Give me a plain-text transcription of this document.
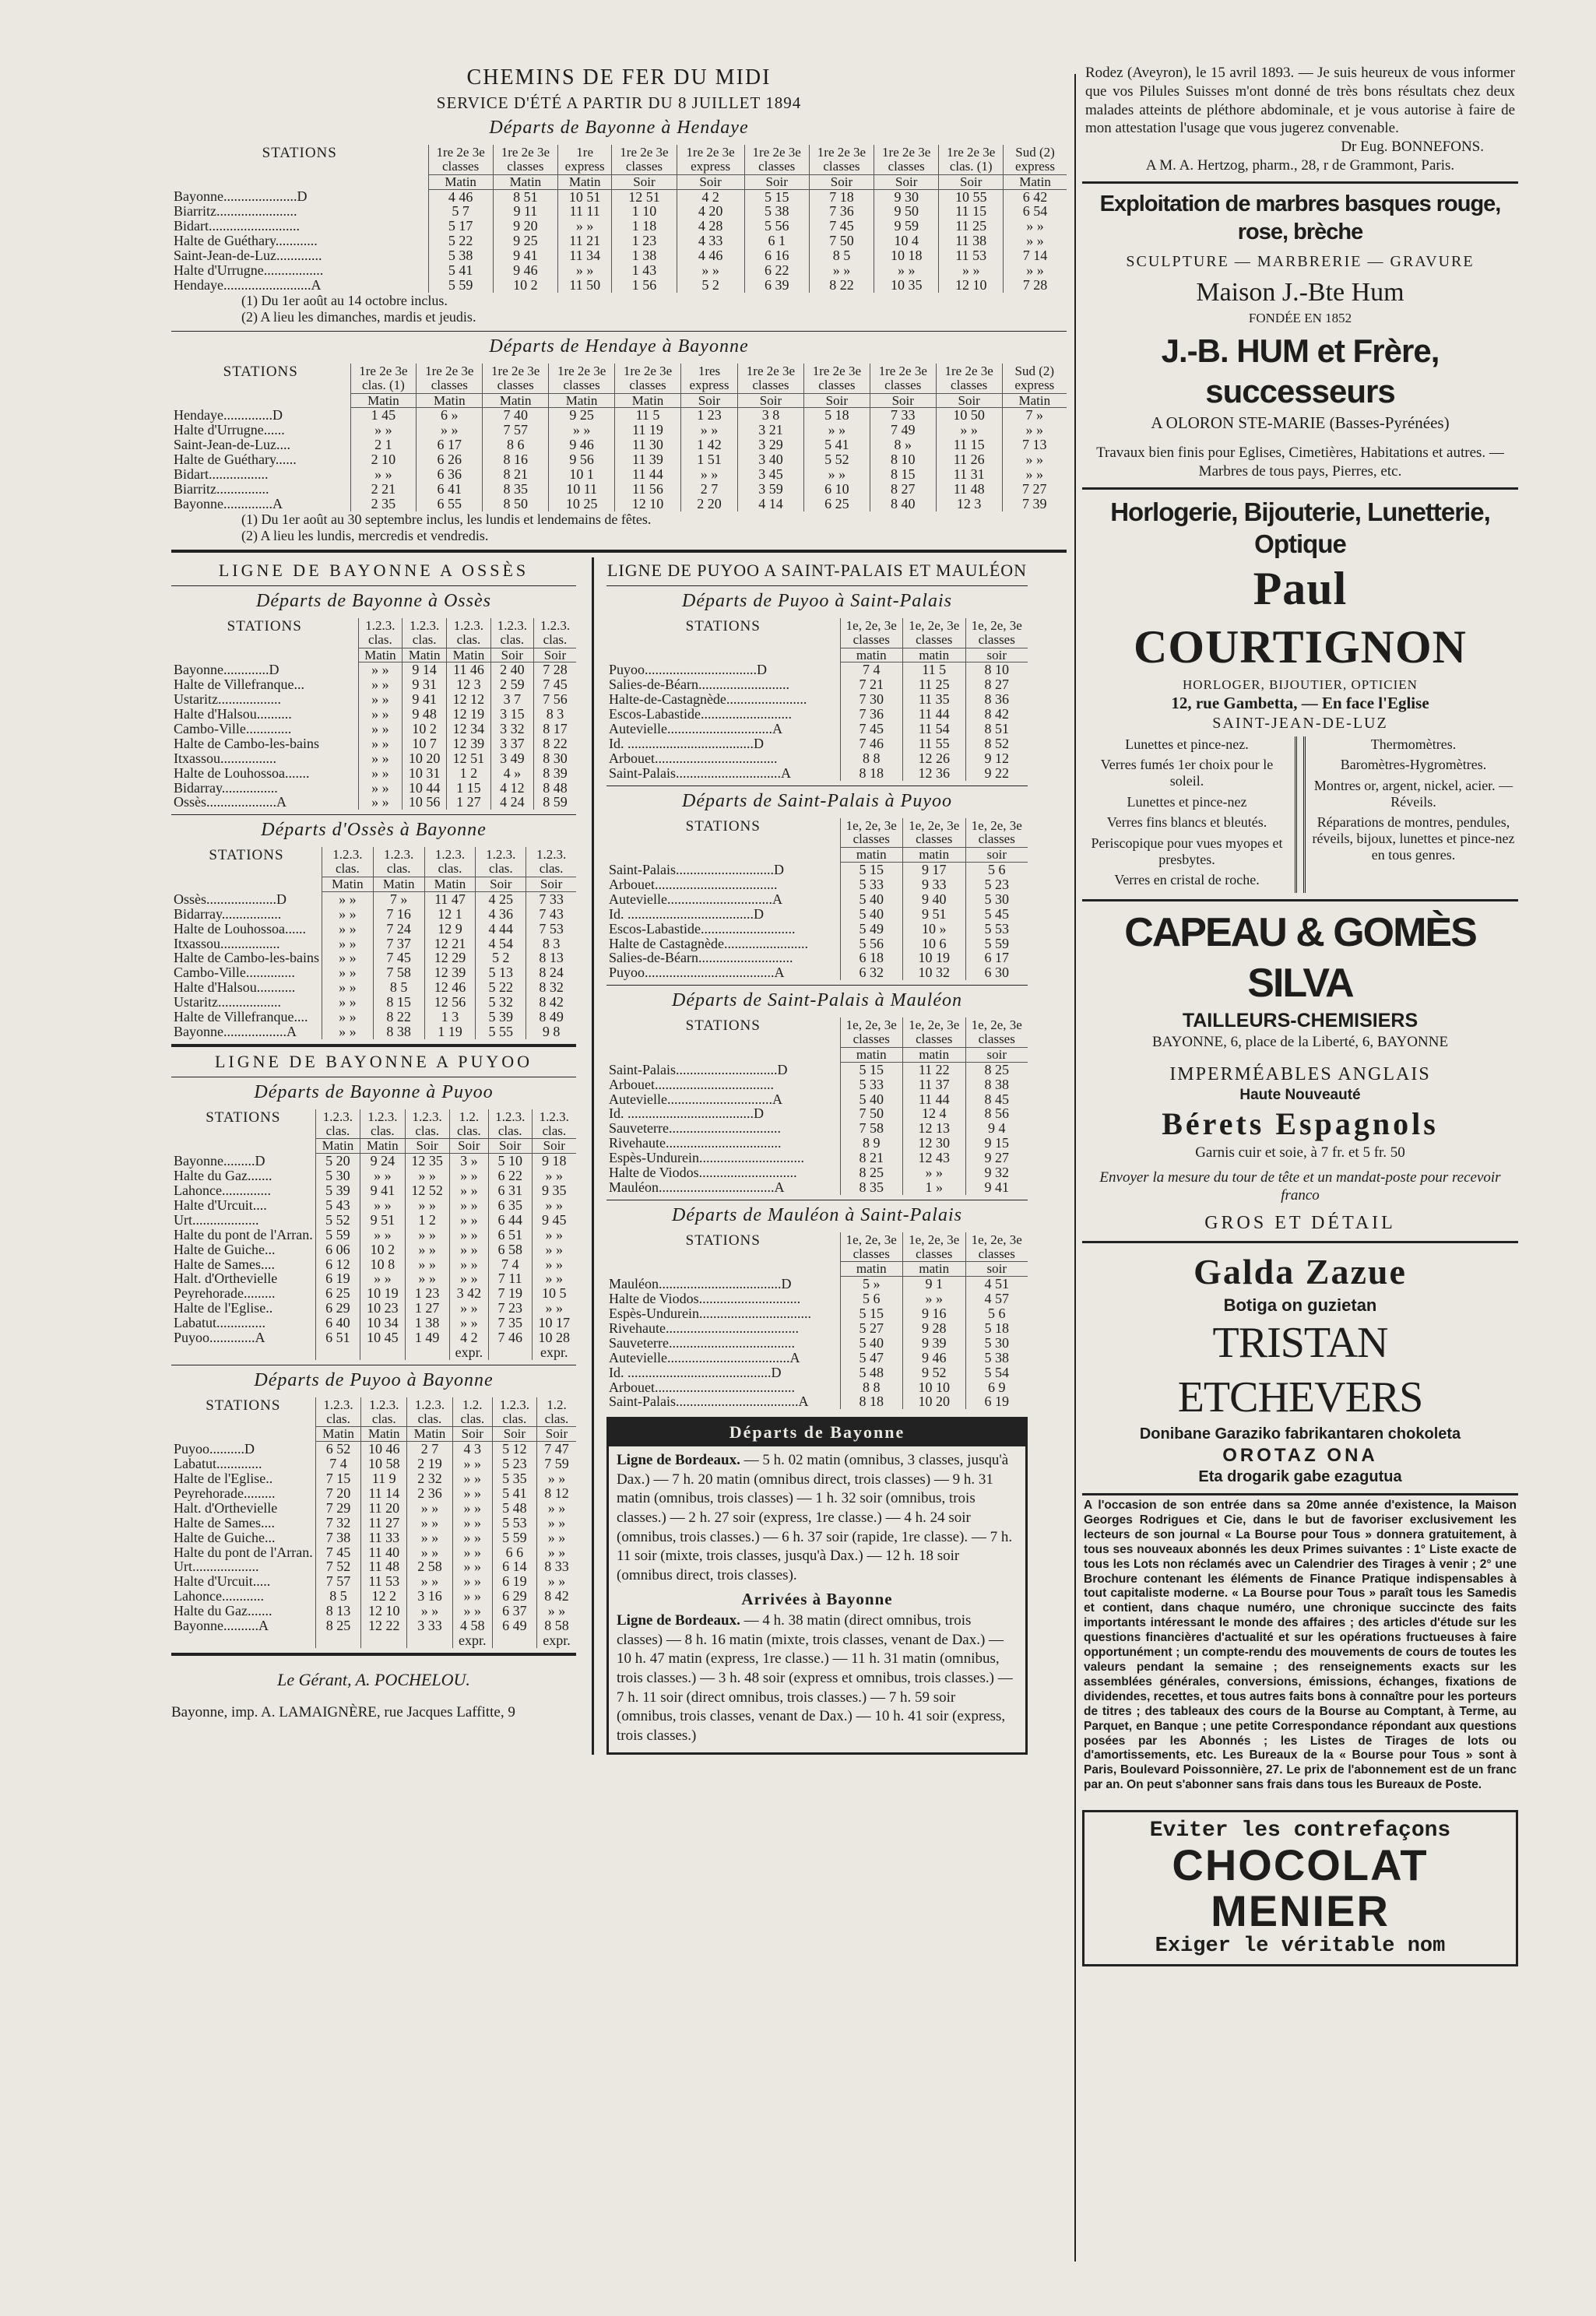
CHEMINS DE FER DU MIDI
SERVICE D'ÉTÉ A PARTIR DU 8 JUILLET 1894
Départs de Bayonne à Hendaye
STATIONS	1re 2e 3e classes	1re 2e 3e classes	1re express	1re 2e 3e classes	1re 2e 3e express	1re 2e 3e classes	1re 2e 3e classes	1re 2e 3e classes	1re 2e 3e clas. (1)	Sud (2) express
	Matin	Matin	Matin	Soir	Soir	Soir	Soir	Soir	Soir	Matin
Bayonne.....................D	4 46	8 51	10 51	12 51	4 2	5 15	7 18	9 30	10 55	6 42
Biarritz.......................	5 7	9 11	11 11	1 10	4 20	5 38	7 36	9 50	11 15	6 54
Bidart..........................	5 17	9 20	» »	1 18	4 28	5 56	7 45	9 59	11 25	» »
Halte de Guéthary............	5 22	9 25	11 21	1 23	4 33	6 1	7 50	10 4	11 38	» »
Saint-Jean-de-Luz.............	5 38	9 41	11 34	1 38	4 46	6 16	8 5	10 18	11 53	7 14
Halte d'Urrugne.................	5 41	9 46	» »	1 43	» »	6 22	» »	» »	» »	» »
Hendaye.........................A	5 59	10 2	11 50	1 56	5 2	6 39	8 22	10 35	12 10	7 28
(1) Du 1er août au 14 octobre inclus.
(2) A lieu les dimanches, mardis et jeudis.
Départs de Hendaye à Bayonne
STATIONS	1re 2e 3e clas. (1)	1re 2e 3e classes	1re 2e 3e classes	1re 2e 3e classes	1re 2e 3e classes	1res express	1re 2e 3e classes	1re 2e 3e classes	1re 2e 3e classes	1re 2e 3e classes	Sud (2) express
	Matin	Matin	Matin	Matin	Matin	Soir	Soir	Soir	Soir	Soir	Matin
Hendaye..............D	1 45	6 »	7 40	9 25	11 5	1 23	3 8	5 18	7 33	10 50	7 »
Halte d'Urrugne......	» »	» »	7 57	» »	11 19	» »	3 21	» »	7 49	» »	» »
Saint-Jean-de-Luz....	2 1	6 17	8 6	9 46	11 30	1 42	3 29	5 41	8 »	11 15	7 13
Halte de Guéthary......	2 10	6 26	8 16	9 56	11 39	1 51	3 40	5 52	8 10	11 26	» »
Bidart.................	» »	6 36	8 21	10 1	11 44	» »	3 45	» »	8 15	11 31	» »
Biarritz...............	2 21	6 41	8 35	10 11	11 56	2 7	3 59	6 10	8 27	11 48	7 27
Bayonne..............A	2 35	6 55	8 50	10 25	12 10	2 20	4 14	6 25	8 40	12 3	7 39
(1) Du 1er août au 30 septembre inclus, les lundis et lendemains de fêtes.
(2) A lieu les lundis, mercredis et vendredis.
LIGNE DE BAYONNE A OSSÈS
Départs de Bayonne à Ossès
STATIONS	1.2.3. clas.	1.2.3. clas.	1.2.3. clas.	1.2.3. clas.	1.2.3. clas.
	Matin	Matin	Matin	Soir	Soir
Bayonne.............D	» »	9 14	11 46	2 40	7 28
Halte de Villefranque...	» »	9 31	12 3	2 59	7 45
Ustaritz..................	» »	9 41	12 12	3 7	7 56
Halte d'Halsou..........	» »	9 48	12 19	3 15	8 3
Cambo-Ville.............	» »	10 2	12 34	3 32	8 17
Halte de Cambo-les-bains	» »	10 7	12 39	3 37	8 22
Itxassou................	» »	10 20	12 51	3 49	8 30
Halte de Louhossoa.......	» »	10 31	1 2	4 »	8 39
Bidarray................	» »	10 44	1 15	4 12	8 48
Ossès....................A	» »	10 56	1 27	4 24	8 59
Départs d'Ossès à Bayonne
STATIONS	1.2.3. clas.	1.2.3. clas.	1.2.3. clas.	1.2.3. clas.	1.2.3. clas.
	Matin	Matin	Matin	Soir	Soir
Ossès....................D	» »	7 »	11 47	4 25	7 33
Bidarray.................	» »	7 16	12 1	4 36	7 43
Halte de Louhossoa......	» »	7 24	12 9	4 44	7 53
Itxassou.................	» »	7 37	12 21	4 54	8 3
Halte de Cambo-les-bains	» »	7 45	12 29	5 2	8 13
Cambo-Ville..............	» »	7 58	12 39	5 13	8 24
Halte d'Halsou...........	» »	8 5	12 46	5 22	8 32
Ustaritz..................	» »	8 15	12 56	5 32	8 42
Halte de Villefranque....	» »	8 22	1 3	5 39	8 49
Bayonne..................A	» »	8 38	1 19	5 55	9 8
LIGNE DE BAYONNE A PUYOO
Départs de Bayonne à Puyoo
STATIONS	1.2.3. clas.	1.2.3. clas.	1.2.3. clas.	1.2. clas.	1.2.3. clas.	1.2.3. clas.
	Matin	Matin	Soir	Soir	Soir	Soir
Bayonne.........D	5 20	9 24	12 35	3 »	5 10	9 18
Halte du Gaz.......	5 30	» »	» »	» »	6 22	» »
Lahonce..............	5 39	9 41	12 52	» »	6 31	9 35
Halte d'Urcuit....	5 43	» »	» »	» »	6 35	» »
Urt...................	5 52	9 51	1 2	» »	6 44	9 45
Halte du pont de l'Arran.	5 59	» »	» »	» »	6 51	» »
Halte de Guiche...	6 06	10 2	» »	» »	6 58	» »
Halte de Sames....	6 12	10 8	» »	» »	7 4	» »
Halt. d'Orthevielle	6 19	» »	» »	» »	7 11	» »
Peyrehorade.........	6 25	10 19	1 23	3 42	7 19	10 5
Halte de l'Eglise..	6 29	10 23	1 27	» »	7 23	» »
Labatut..............	6 40	10 34	1 38	» »	7 35	10 17
Puyoo.............A	6 51	10 45	1 49	4 2	7 46	10 28
				expr.		expr.
Départs de Puyoo à Bayonne
STATIONS	1.2.3. clas.	1.2.3. clas.	1.2.3. clas.	1.2. clas.	1.2.3. clas.	1.2. clas.
	Matin	Matin	Matin	Soir	Soir	Soir
Puyoo..........D	6 52	10 46	2 7	4 3	5 12	7 47
Labatut.............	7 4	10 58	2 19	» »	5 23	7 59
Halte de l'Eglise..	7 15	11 9	2 32	» »	5 35	» »
Peyrehorade.........	7 20	11 14	2 36	» »	5 41	8 12
Halt. d'Orthevielle	7 29	11 20	» »	» »	5 48	» »
Halte de Sames....	7 32	11 27	» »	» »	5 53	» »
Halte de Guiche...	7 38	11 33	» »	» »	5 59	» »
Halte du pont de l'Arran.	7 45	11 40	» »	» »	6 6	» »
Urt...................	7 52	11 48	2 58	» »	6 14	8 33
Halte d'Urcuit.....	7 57	11 53	» »	» »	6 19	» »
Lahonce............	8 5	12 2	3 16	» »	6 29	8 42
Halte du Gaz.......	8 13	12 10	» »	» »	6 37	» »
Bayonne..........A	8 25	12 22	3 33	4 58	6 49	8 58
				expr.		expr.
Le Gérant, A. POCHELOU.
Bayonne, imp. A. LAMAIGNÈRE, rue Jacques Laffitte, 9
LIGNE DE PUYOO A SAINT-PALAIS ET MAULÉON
Départs de Puyoo à Saint-Palais
STATIONS	1e, 2e, 3e classes	1e, 2e, 3e classes	1e, 2e, 3e classes
	matin	matin	soir
Puyoo................................D	7 4	11 5	8 10
Salies-de-Béarn..........................	7 21	11 25	8 27
Halte-de-Castagnède.......................	7 30	11 35	8 36
Escos-Labastide..........................	7 36	11 44	8 42
Autevielle..............................A	7 45	11 54	8 51
Id. ....................................D	7 46	11 55	8 52
Arbouet...................................	8 8	12 26	9 12
Saint-Palais..............................A	8 18	12 36	9 22
Départs de Saint-Palais à Puyoo
STATIONS	1e, 2e, 3e classes	1e, 2e, 3e classes	1e, 2e, 3e classes
	matin	matin	soir
Saint-Palais............................D	5 15	9 17	5 6
Arbouet...................................	5 33	9 33	5 23
Autevielle..............................A	5 40	9 40	5 30
Id. ....................................D	5 40	9 51	5 45
Escos-Labastide...........................	5 49	10 »	5 53
Halte de Castagnède........................	5 56	10 6	5 59
Salies-de-Béarn...........................	6 18	10 19	6 17
Puyoo.....................................A	6 32	10 32	6 30
Départs de Saint-Palais à Mauléon
STATIONS	1e, 2e, 3e classes	1e, 2e, 3e classes	1e, 2e, 3e classes
	matin	matin	soir
Saint-Palais.............................D	5 15	11 22	8 25
Arbouet..................................	5 33	11 37	8 38
Autevielle..............................A	5 40	11 44	8 45
Id. ....................................D	7 50	12 4	8 56
Sauveterre................................	7 58	12 13	9 4
Rivehaute.................................	8 9	12 30	9 15
Espès-Undurein..............................	8 21	12 43	9 27
Halte de Viodos............................	8 25	» »	9 32
Mauléon.................................A	8 35	1 »	9 41
Départs de Mauléon à Saint-Palais
STATIONS	1e, 2e, 3e classes	1e, 2e, 3e classes	1e, 2e, 3e classes
	matin	matin	soir
Mauléon...................................D	5 »	9 1	4 51
Halte de Viodos.............................	5 6	» »	4 57
Espès-Undurein................................	5 15	9 16	5 6
Rivehaute......................................	5 27	9 28	5 18
Sauveterre....................................	5 40	9 39	5 30
Autevielle...................................A	5 47	9 46	5 38
Id. .........................................D	5 48	9 52	5 54
Arbouet........................................	8 8	10 10	6 9
Saint-Palais...................................A	8 18	10 20	6 19
Départs de Bayonne

Ligne de Bordeaux. — 5 h. 02 matin (omnibus, 3 classes, jusqu'à Dax.) — 7 h. 20 matin (omnibus direct, trois classes) — 9 h. 31 matin (omnibus, trois classes) — 1 h. 32 soir (omnibus, trois classes.) — 2 h. 27 soir (express, 1re classe.) — 4 h. 24 soir (omnibus, trois classes.) — 6 h. 37 soir (rapide, 1re classe). — 7 h. 11 soir (mixte, trois classes, jusqu'à Dax.) — 12 h. 18 soir (omnibus direct, trois classes).

Arrivées à Bayonne

Ligne de Bordeaux. — 4 h. 38 matin (direct omnibus, trois classes) — 8 h. 16 matin (mixte, trois classes, venant de Dax.) — 10 h. 47 matin (express, 1re classe.) — 11 h. 31 matin (omnibus, trois classes.) — 3 h. 48 soir (express et omnibus, trois classes.) — 7 h. 11 soir (direct omnibus, trois classes.) — 7 h. 59 soir (omnibus, trois classes, venant de Dax.) — 10 h. 41 soir (express, trois classes.)

Rodez (Aveyron), le 15 avril 1893. — Je suis heureux de vous informer que vos Pilules Suisses m'ont donné de très bons résultats chez deux malades atteints de pléthore abdominale, et je vous autorise à faire de mon attestation l'usage que vous jugerez convenable.

Dr Eug. BONNEFONS.

A M. A. Hertzog, pharm., 28, r de Grammont, Paris.

Exploitation de marbres basques rouge, rose, brèche

SCULPTURE — MARBRERIE — GRAVURE

Maison J.-Bte Hum

FONDÉE EN 1852

J.-B. HUM et Frère, successeurs

A OLORON STE-MARIE (Basses-Pyrénées)

Travaux bien finis pour Eglises, Cimetières, Habitations et autres. — Marbres de tous pays, Pierres, etc.

Horlogerie, Bijouterie, Lunetterie, Optique

Paul COURTIGNON

HORLOGER, BIJOUTIER, OPTICIEN

12, rue Gambetta, — En face l'Eglise

SAINT-JEAN-DE-LUZ

Lunettes et pince-nez.
Verres fumés 1er choix pour le soleil.
Lunettes et pince-nez
Verres fins blancs et bleutés.
Periscopique pour vues myopes et presbytes.
Verres en cristal de roche.
Thermomètres.
Baromètres-Hygromètres.
Montres or, argent, nickel, acier. — Réveils.
Réparations de montres, pendules, réveils, bijoux, lunettes et pince-nez en tous genres.

CAPEAU & GOMÈS SILVA

TAILLEURS-CHEMISIERS

BAYONNE, 6, place de la Liberté, 6, BAYONNE

IMPERMÉABLES ANGLAIS

Haute Nouveauté

Bérets Espagnols

Garnis cuir et soie, à 7 fr. et 5 fr. 50

Envoyer la mesure du tour de tête et un mandat-poste pour recevoir franco

GROS ET DÉTAIL

Galda Zazue

Botiga on guzietan

TRISTAN ETCHEVERS

Donibane Garaziko fabrikantaren chokoleta

OROTAZ ONA

Eta drogarik gabe ezagutua

A l'occasion de son entrée dans sa 20me année d'existence, la Maison Georges Rodrigues et Cie, dans le but de favoriser exclusivement les lecteurs de son journal « La Bourse pour Tous » donnera gratuitement, à tous ses nouveaux abonnés les deux Primes suivantes : 1° Liste exacte de tous les Lots non réclamés avec un Calendrier des Tirages à venir ; 2° une Brochure contenant les éléments de Finance Pratique indispensables à tout capitaliste moderne. « La Bourse pour Tous » paraît tous les Samedis et contient, dans chaque numéro, une chronique succincte des faits importants intéressant le monde des affaires ; des articles d'étude sur les questions financières d'actualité et sur les opérations fructueuses à faire opportunément ; un compte-rendu des mouvements de cours de toutes les valeurs pendant la semaine ; des renseignements exacts sur les assemblées générales, conversions, émissions, échanges, fixations de dividendes, recettes, et tous autres faits bons à connaître pour les porteurs de titres ; des tableaux des cours de la Bourse au Comptant, à Terme, au Parquet, en Banque ; une petite Correspondance répondant aux questions posées par les Abonnés ; les Listes de Tirages de lots ou d'amortissements, etc. Les Bureaux de la « Bourse pour Tous » sont à Paris, Boulevard Poissonnière, 27. Le prix de l'abonnement est de un franc par an. On peut s'abonner sans frais dans tous les Bureaux de Poste.

Eviter les contrefaçons

CHOCOLAT

MENIER

Exiger le véritable nom
